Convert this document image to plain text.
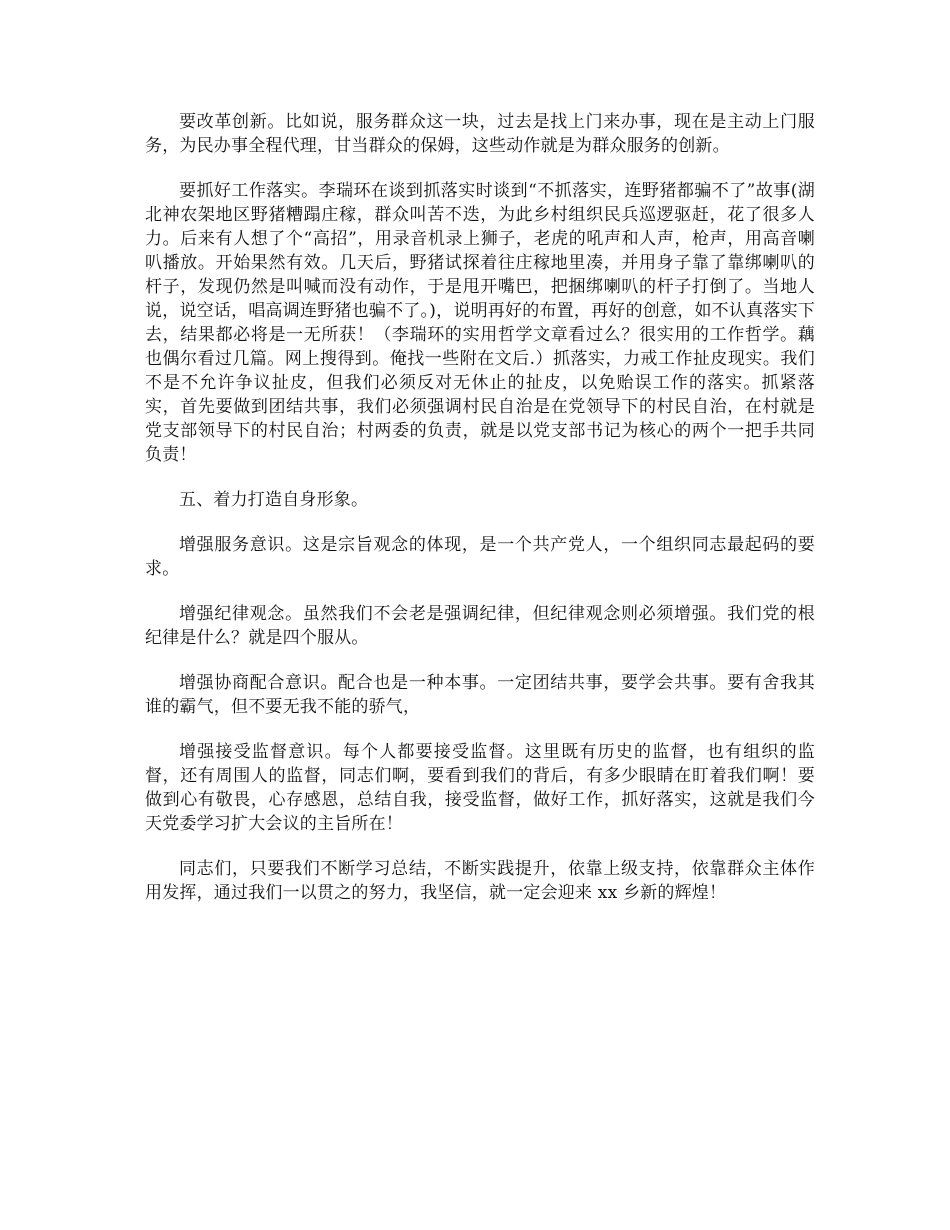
要改革创新。比如说，服务群众这一块，过去是找上门来办事，现在是主动上门服务，为民办事全程代理，甘当群众的保姆，这些动作就是为群众服务的创新。

要抓好工作落实。李瑞环在谈到抓落实时谈到“不抓落实，连野猪都骗不了”故事(湖北神农架地区野猪糟蹋庄稼，群众叫苦不迭，为此乡村组织民兵巡逻驱赶，花了很多人力。后来有人想了个“高招”，用录音机录上狮子，老虎的吼声和人声，枪声，用高音喇叭播放。开始果然有效。几天后，野猪试探着往庄稼地里凑，并用身子靠了靠绑喇叭的杆子，发现仍然是叫喊而没有动作，于是甩开嘴巴，把捆绑喇叭的杆子打倒了。当地人说，说空话，唱高调连野猪也骗不了。)，说明再好的布置，再好的创意，如不认真落实下去，结果都必将是一无所获！（李瑞环的实用哲学文章看过么？很实用的工作哲学。藕也偶尔看过几篇。网上搜得到。俺找一些附在文后.）抓落实，力戒工作扯皮现实。我们不是不允许争议扯皮，但我们必须反对无休止的扯皮，以免贻误工作的落实。抓紧落实，首先要做到团结共事，我们必须强调村民自治是在党领导下的村民自治，在村就是党支部领导下的村民自治；村两委的负责，就是以党支部书记为核心的两个一把手共同负责！

五、着力打造自身形象。

增强服务意识。这是宗旨观念的体现，是一个共产党人，一个组织同志最起码的要求。

增强纪律观念。虽然我们不会老是强调纪律，但纪律观念则必须增强。我们党的根纪律是什么？就是四个服从。

增强协商配合意识。配合也是一种本事。一定团结共事，要学会共事。要有舍我其谁的霸气，但不要无我不能的骄气，

增强接受监督意识。每个人都要接受监督。这里既有历史的监督，也有组织的监督，还有周围人的监督，同志们啊，要看到我们的背后，有多少眼睛在盯着我们啊！要做到心有敬畏，心存感恩，总结自我，接受监督，做好工作，抓好落实，这就是我们今天党委学习扩大会议的主旨所在！

同志们，只要我们不断学习总结，不断实践提升，依靠上级支持，依靠群众主体作用发挥，通过我们一以贯之的努力，我坚信，就一定会迎来 xx 乡新的辉煌！
